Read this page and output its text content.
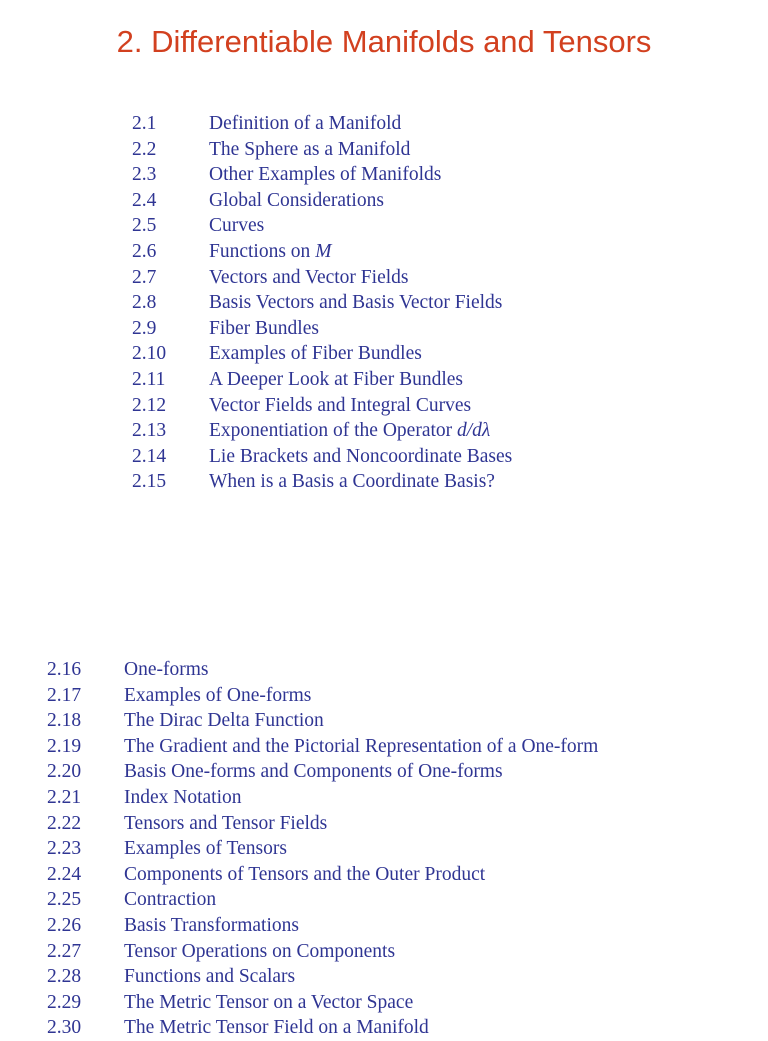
2. Differentiable Manifolds and Tensors
2.1	Definition of a Manifold
2.2	The Sphere as a Manifold
2.3	Other Examples of Manifolds
2.4	Global Considerations
2.5	Curves
2.6	Functions on M
2.7	Vectors and Vector Fields
2.8	Basis Vectors and Basis Vector Fields
2.9	Fiber Bundles
2.10	Examples of Fiber Bundles
2.11	A Deeper Look at Fiber Bundles
2.12	Vector Fields and Integral Curves
2.13	Exponentiation of the Operator d/dλ
2.14	Lie Brackets and Noncoordinate Bases
2.15	When is a Basis a Coordinate Basis?
2.16	One-forms
2.17	Examples of One-forms
2.18	The Dirac Delta Function
2.19	The Gradient and the Pictorial Representation of a One-form
2.20	Basis One-forms and Components of One-forms
2.21	Index Notation
2.22	Tensors and Tensor Fields
2.23	Examples of Tensors
2.24	Components of Tensors and the Outer Product
2.25	Contraction
2.26	Basis Transformations
2.27	Tensor Operations on Components
2.28	Functions and Scalars
2.29	The Metric Tensor on a Vector Space
2.30	The Metric Tensor Field on a Manifold
